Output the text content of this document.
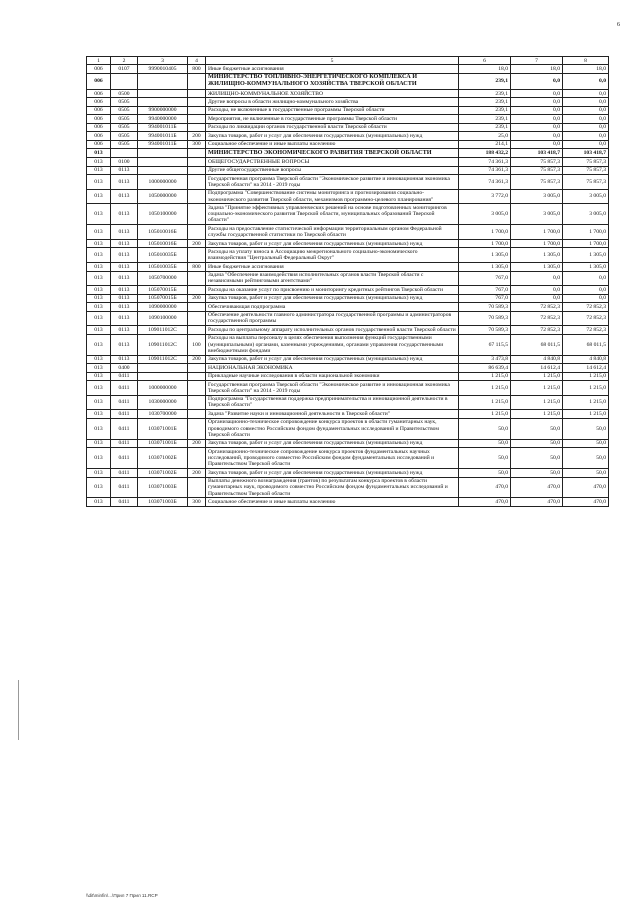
6
1	2	3	4	5	6	7	8
006	0107	9990010405	800	Иные бюджетные ассигнования	18,0	18,0	18,0
006				МИНИСТЕРСТВО ТОПЛИВНО-ЭНЕРГЕТИЧЕСКОГО КОМПЛЕКСА И ЖИЛИЩНО-КОММУНАЛЬНОГО ХОЗЯЙСТВА ТВЕРСКОЙ ОБЛАСТИ	239,1	0,0	0,0
006	0500			ЖИЛИЩНО-КОММУНАЛЬНОЕ ХОЗЯЙСТВО	239,1	0,0	0,0
006	0505			Другие вопросы в области жилищно-коммунального хозяйства	239,1	0,0	0,0
006	0505	9900000000		Расходы, не включенные в государственные программы Тверской области	239,1	0,0	0,0
006	0505	9940000000		Мероприятия, не включенные в государственные программы Тверской области	239,1	0,0	0,0
006	0505	994001011Б		Расходы по ликвидации органов государственной власти Тверской области	239,1	0,0	0,0
006	0505	994001011Б	200	Закупка товаров, работ и услуг для обеспечения государственных (муниципальных) нужд	25,0	0,0	0,0
006	0505	994001011Б	300	Социальное обеспечение и иные выплаты населению	214,1	0,0	0,0
013				МИНИСТЕРСТВО ЭКОНОМИЧЕСКОГО РАЗВИТИЯ ТВЕРСКОЙ ОБЛАСТИ	188 432,2	103 418,7	103 418,7
013	0100			ОБЩЕГОСУДАРСТВЕННЫЕ ВОПРОСЫ	74 361,3	75 857,3	75 857,3
013	0113			Другие общегосударственные вопросы	74 361,3	75 857,3	75 857,3
013	0113	1000000000		Государственная программа Тверской области "Экономическое развитие и инновационная экономика Тверской области" на 2014 - 2019 годы	74 361,3	75 857,3	75 857,3
013	0113	1050000000		Подпрограмма "Совершенствование системы мониторинга и прогнозирования социально-экономического развития Тверской области, механизмов программно-целевого планирования"	3 772,0	3 005,0	3 005,0
013	0113	1050100000		Задача "Принятие эффективных управленческих решений на основе подготовленных мониторингов социально-экономического развития Тверской области, муниципальных образований Тверской области"	3 005,0	3 005,0	3 005,0
013	0113	105010016Б		Расходы на предоставление статистической информации территориальным органом Федеральной службы государственной статистики по Тверской области	1 700,0	1 700,0	1 700,0
013	0113	105010016Б	200	Закупка товаров, работ и услуг для обеспечения государственных (муниципальных) нужд	1 700,0	1 700,0	1 700,0
013	0113	105010035Б		Расходы на уплату взноса в Ассоциацию межрегионального социально-экономического взаимодействия "Центральный Федеральный Округ"	1 305,0	1 305,0	1 305,0
013	0113	105010035Б	800	Иные бюджетные ассигнования	1 305,0	1 305,0	1 305,0
013	0113	1050700000		Задача "Обеспечение взаимодействия исполнительных органов власти Тверской области с независимыми рейтинговыми агентствами"	767,0	0,0	0,0
013	0113	105070015Б		Расходы на оказание услуг по присвоению и мониторингу кредитных рейтингов Тверской области	767,0	0,0	0,0
013	0113	105070015Б	200	Закупка товаров, работ и услуг для обеспечения государственных (муниципальных) нужд	767,0	0,0	0,0
013	0113	1090000000		Обеспечивающая подпрограмма	70 589,3	72 852,3	72 852,3
013	0113	1090100000		Обеспечение деятельности главного администратора государственной программы и администраторов государственной программы	70 589,3	72 852,3	72 852,3
013	0113	109011012С		Расходы по центральному аппарату исполнительных органов государственной власти Тверской области	70 589,3	72 852,3	72 852,3
013	0113	109011012С	100	Расходы на выплаты персоналу в целях обеспечения выполнения функций государственными (муниципальными) органами, казенными учреждениями, органами управления государственными внебюджетными фондами	67 115,5	68 011,5	68 011,5
013	0113	109011012С	200	Закупка товаров, работ и услуг для обеспечения государственных (муниципальных) нужд	3 473,8	4 840,8	4 840,8
013	0400			НАЦИОНАЛЬНАЯ ЭКОНОМИКА	86 639,4	14 612,4	14 612,4
013	0411			Прикладные научные исследования в области национальной экономики	1 215,0	1 215,0	1 215,0
013	0411	1000000000		Государственная программа Тверской области "Экономическое развитие и инновационная экономика Тверской области" на 2014 - 2019 годы	1 215,0	1 215,0	1 215,0
013	0411	1030000000		Подпрограмма "Государственная поддержка предпринимательства и инновационной деятельности в Тверской области"	1 215,0	1 215,0	1 215,0
013	0411	1030700000		Задача "Развитие науки и инновационной деятельности в Тверской области"	1 215,0	1 215,0	1 215,0
013	0411	103071001Б		Организационно-техническое сопровождение конкурса проектов в области гуманитарных наук, проводимого совместно Российским фондом фундаментальных исследований и Правительством Тверской области	50,0	50,0	50,0
013	0411	103071001Б	200	Закупка товаров, работ и услуг для обеспечения государственных (муниципальных) нужд	50,0	50,0	50,0
013	0411	103071002Б		Организационно-техническое сопровождение конкурса проектов фундаментальных научных исследований, проводимого совместно Российским фондом фундаментальных исследований и Правительством Тверской области	50,0	50,0	50,0
013	0411	103071002Б	200	Закупка товаров, работ и услуг для обеспечения государственных (муниципальных) нужд	50,0	50,0	50,0
013	0411	103071003Б		Выплаты денежного вознаграждения (грантов) по результатам конкурса проектов в области гуманитарных наук, проводимого совместно Российским фондом фундаментальных исследований и Правительством Тверской области	470,0	470,0	470,0
013	0411	103071003Б	300	Социальное обеспечение и иные выплаты населению	470,0	470,0	470,0
\\dit\minfin\...\Прил 7 Прил 11.RCP
